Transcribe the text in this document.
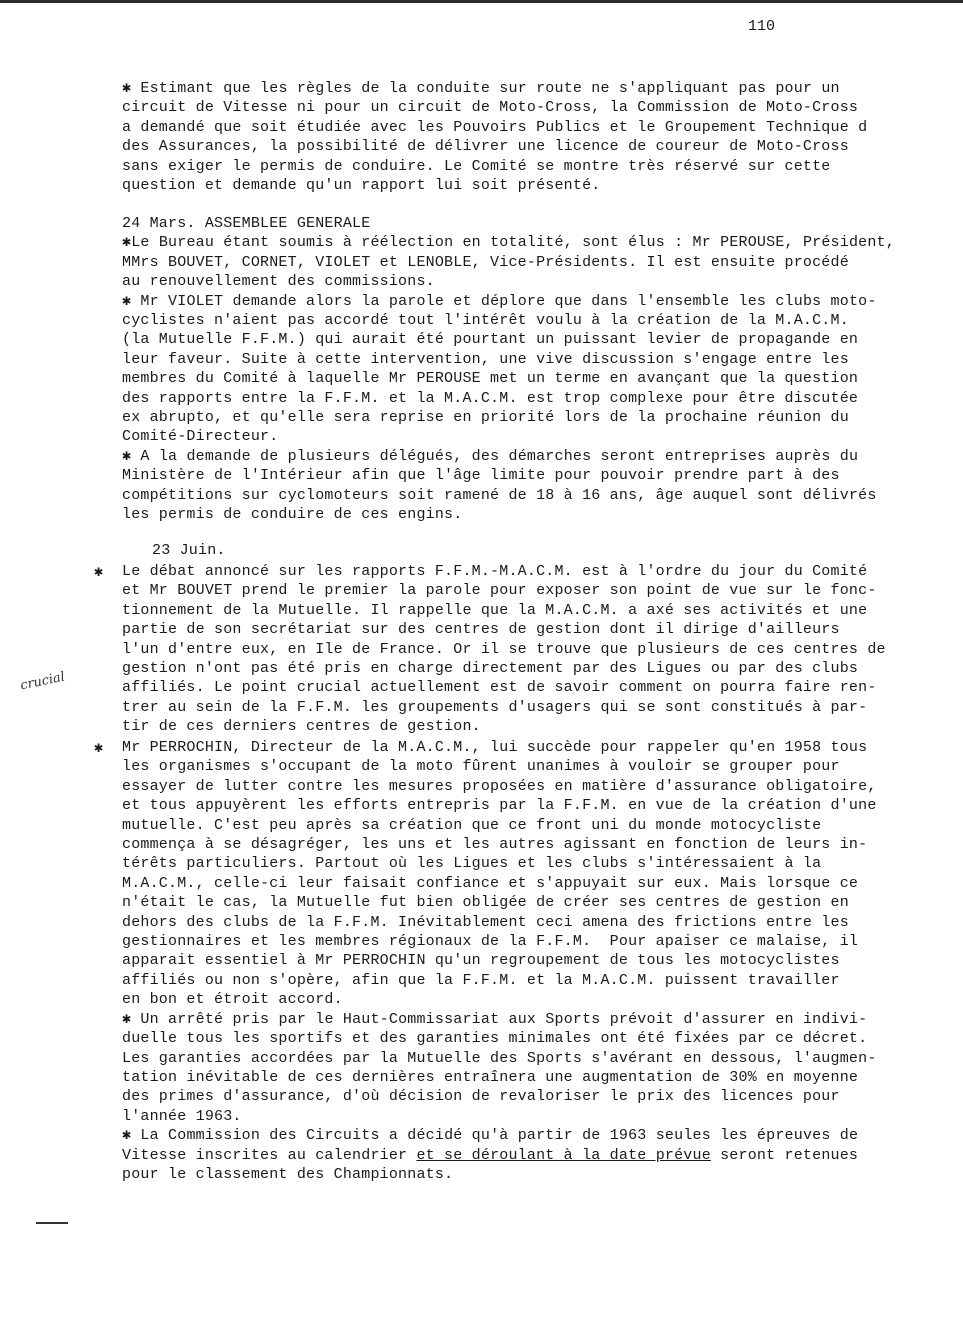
110
crucial
✱ Estimant que les règles de la conduite sur route ne s'appliquant pas pour un
circuit de Vitesse ni pour un circuit de Moto-Cross, la Commission de Moto-Cross
a demandé que soit étudiée avec les Pouvoirs Publics et le Groupement Technique d
des Assurances, la possibilité de délivrer une licence de coureur de Moto-Cross
sans exiger le permis de conduire. Le Comité se montre très réservé sur cette
question et demande qu'un rapport lui soit présenté.
24 Mars. ASSEMBLEE GENERALE
✱Le Bureau étant soumis à réélection en totalité, sont élus : Mr PEROUSE, Président,
MMrs BOUVET, CORNET, VIOLET et LENOBLE, Vice-Présidents. Il est ensuite procédé
au renouvellement des commissions.
✱ Mr VIOLET demande alors la parole et déplore que dans l'ensemble les clubs moto-
cyclistes n'aient pas accordé tout l'intérêt voulu à la création de la M.A.C.M.
(la Mutuelle F.F.M.) qui aurait été pourtant un puissant levier de propagande en
leur faveur. Suite à cette intervention, une vive discussion s'engage entre les
membres du Comité à laquelle Mr PEROUSE met un terme en avançant que la question
des rapports entre la F.F.M. et la M.A.C.M. est trop complexe pour être discutée
ex abrupto, et qu'elle sera reprise en priorité lors de la prochaine réunion du
Comité-Directeur.
✱ A la demande de plusieurs délégués, des démarches seront entreprises auprès du
Ministère de l'Intérieur afin que l'âge limite pour pouvoir prendre part à des
compétitions sur cyclomoteurs soit ramené de 18 à 16 ans, âge auquel sont délivrés
les permis de conduire de ces engins.
23 Juin.
✱ Le débat annoncé sur les rapports F.F.M.-M.A.C.M. est à l'ordre du jour du Comité
et Mr BOUVET prend le premier la parole pour exposer son point de vue sur le fonc-
tionnement de la Mutuelle. Il rappelle que la M.A.C.M. a axé ses activités et une
partie de son secrétariat sur des centres de gestion dont il dirige d'ailleurs
l'un d'entre eux, en Ile de France. Or il se trouve que plusieurs de ces centres de
gestion n'ont pas été pris en charge directement par des Ligues ou par des clubs
affiliés. Le point crucial actuellement est de savoir comment on pourra faire ren-
trer au sein de la F.F.M. les groupements d'usagers qui se sont constitués à par-
tir de ces derniers centres de gestion.
✱ Mr PERROCHIN, Directeur de la M.A.C.M., lui succède pour rappeler qu'en 1958 tous
les organismes s'occupant de la moto fûrent unanimes à vouloir se grouper pour
essayer de lutter contre les mesures proposées en matière d'assurance obligatoire,
et tous appuyèrent les efforts entrepris par la F.F.M. en vue de la création d'une
mutuelle. C'est peu après sa création que ce front uni du monde motocycliste
commença à se désagréger, les uns et les autres agissant en fonction de leurs in-
térêts particuliers. Partout où les Ligues et les clubs s'intéressaient à la
M.A.C.M., celle-ci leur faisait confiance et s'appuyait sur eux. Mais lorsque ce
n'était le cas, la Mutuelle fut bien obligée de créer ses centres de gestion en
dehors des clubs de la F.F.M. Inévitablement ceci amena des frictions entre les
gestionnaires et les membres régionaux de la F.F.M.  Pour apaiser ce malaise, il
apparait essentiel à Mr PERROCHIN qu'un regroupement de tous les motocyclistes
affiliés ou non s'opère, afin que la F.F.M. et la M.A.C.M. puissent travailler
en bon et étroit accord.
✱ Un arrêté pris par le Haut-Commissariat aux Sports prévoit d'assurer en indivi-
duelle tous les sportifs et des garanties minimales ont été fixées par ce décret.
Les garanties accordées par la Mutuelle des Sports s'avérant en dessous, l'augmen-
tation inévitable de ces dernières entraînera une augmentation de 30% en moyenne
des primes d'assurance, d'où décision de revaloriser le prix des licences pour
l'année 1963.
✱ La Commission des Circuits a décidé qu'à partir de 1963 seules les épreuves de
Vitesse inscrites au calendrier et se déroulant à la date prévue seront retenues
pour le classement des Championnats.
